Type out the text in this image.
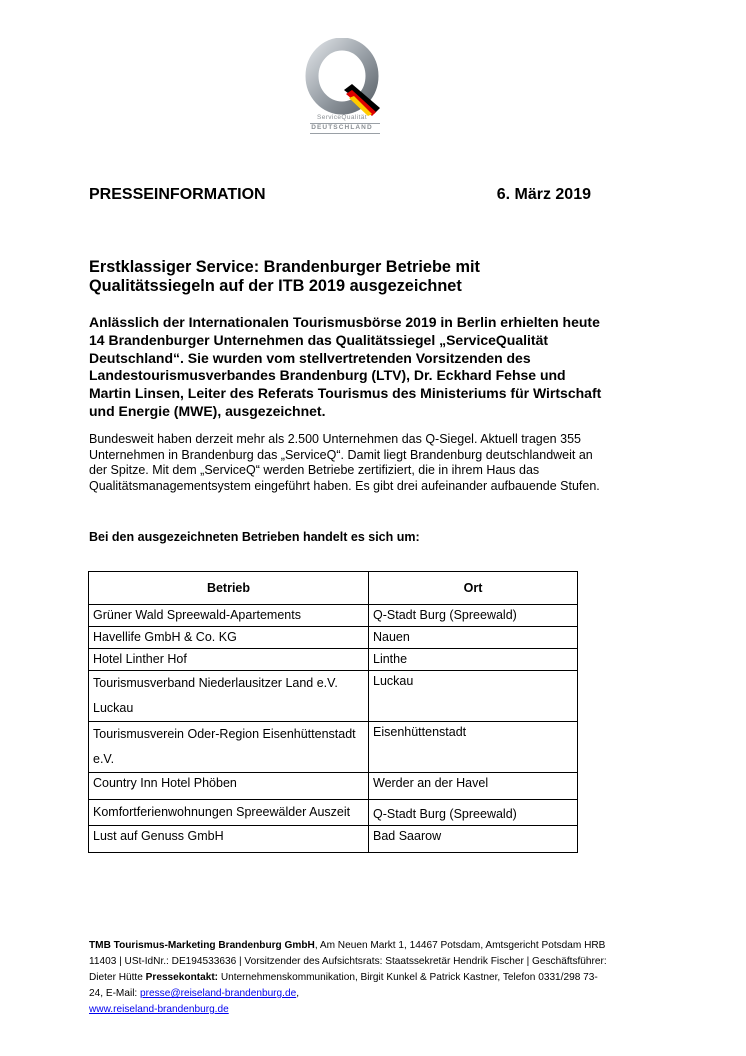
ServiceQualität
DEUTSCHLAND
PRESSEINFORMATION	6. März 2019
Erstklassiger Service: Brandenburger Betriebe mit Qualitätssiegeln auf der ITB 2019 ausgezeichnet
Anlässlich der Internationalen Tourismusbörse 2019 in Berlin erhielten heute 14 Brandenburger Unternehmen das Qualitätssiegel „ServiceQualität Deutschland“. Sie wurden vom stellvertretenden Vorsitzenden des Landestourismusverbandes Brandenburg (LTV), Dr. Eckhard Fehse und Martin Linsen, Leiter des Referats Tourismus des Ministeriums für Wirtschaft und Energie (MWE), ausgezeichnet.
Bundesweit haben derzeit mehr als 2.500 Unternehmen das Q-Siegel. Aktuell tragen 355 Unternehmen in Brandenburg das „ServiceQ“. Damit liegt Brandenburg deutschlandweit an der Spitze. Mit dem „ServiceQ“ werden Betriebe zertifiziert, die in ihrem Haus das Qualitätsmanagementsystem eingeführt haben. Es gibt drei aufeinander aufbauende Stufen.
Bei den ausgezeichneten Betrieben handelt es sich um:
Betrieb	Ort
Grüner Wald Spreewald-Apartements	Q-Stadt Burg (Spreewald)
Havellife GmbH & Co. KG	Nauen
Hotel Linther Hof	Linthe
Tourismusverband Niederlausitzer Land e.V. Luckau	Luckau
Tourismusverein Oder-Region Eisenhüttenstadt e.V.	Eisenhüttenstadt
Country Inn Hotel Phöben	Werder an der Havel
Komfortferienwohnungen Spreewälder Auszeit	Q-Stadt Burg (Spreewald)
Lust auf Genuss GmbH	Bad Saarow
TMB Tourismus-Marketing Brandenburg GmbH, Am Neuen Markt 1, 14467 Potsdam, Amtsgericht Potsdam HRB 11403 | USt-IdNr.: DE194533636 | Vorsitzender des Aufsichtsrats: Staatssekretär Hendrik Fischer | Geschäftsführer: Dieter Hütte Pressekontakt: Unternehmenskommunikation, Birgit Kunkel & Patrick Kastner, Telefon 0331/298 73-24, E-Mail: presse@reiseland-brandenburg.de,
www.reiseland-brandenburg.de
